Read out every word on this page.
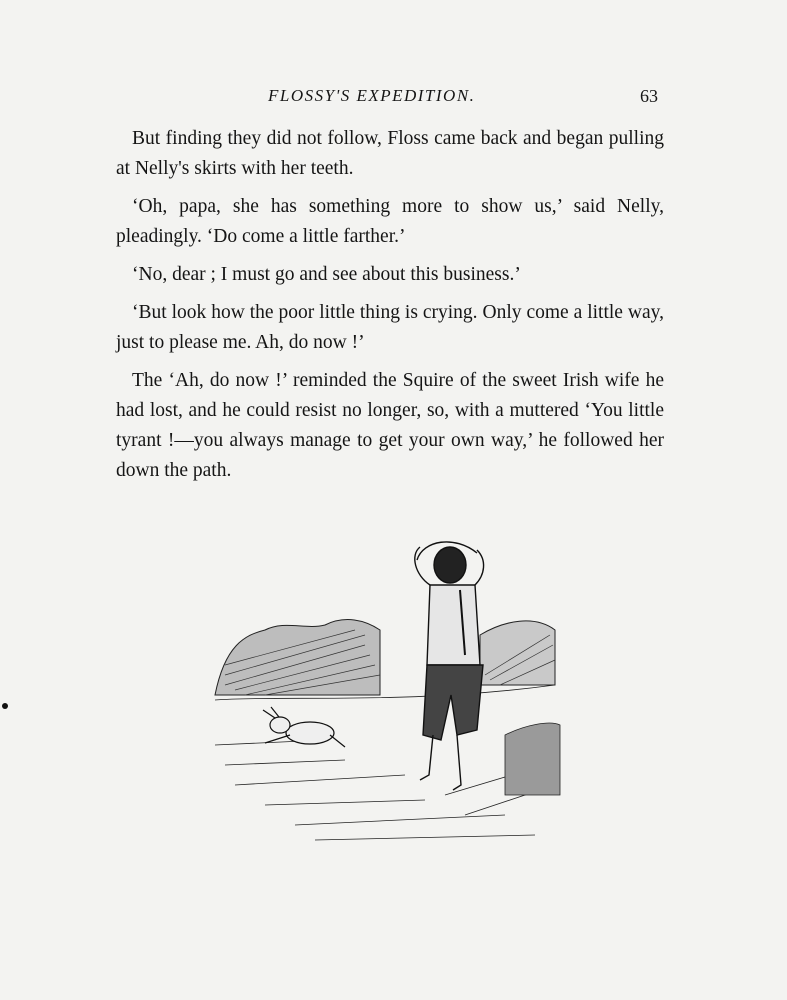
FLOSSY'S EXPEDITION.	63

But finding they did not follow, Floss came back and began pulling at Nelly's skirts with her teeth.

‘Oh, papa, she has something more to show us,’ said Nelly, pleadingly. ‘Do come a little farther.’

‘No, dear ; I must go and see about this business.’

‘But look how the poor little thing is crying. Only come a little way, just to please me. Ah, do now !’

The ‘Ah, do now !’ reminded the Squire of the sweet Irish wife he had lost, and he could resist no longer, so, with a muttered ‘You little tyrant !—you always manage to get your own way,’ he followed her down the path.
